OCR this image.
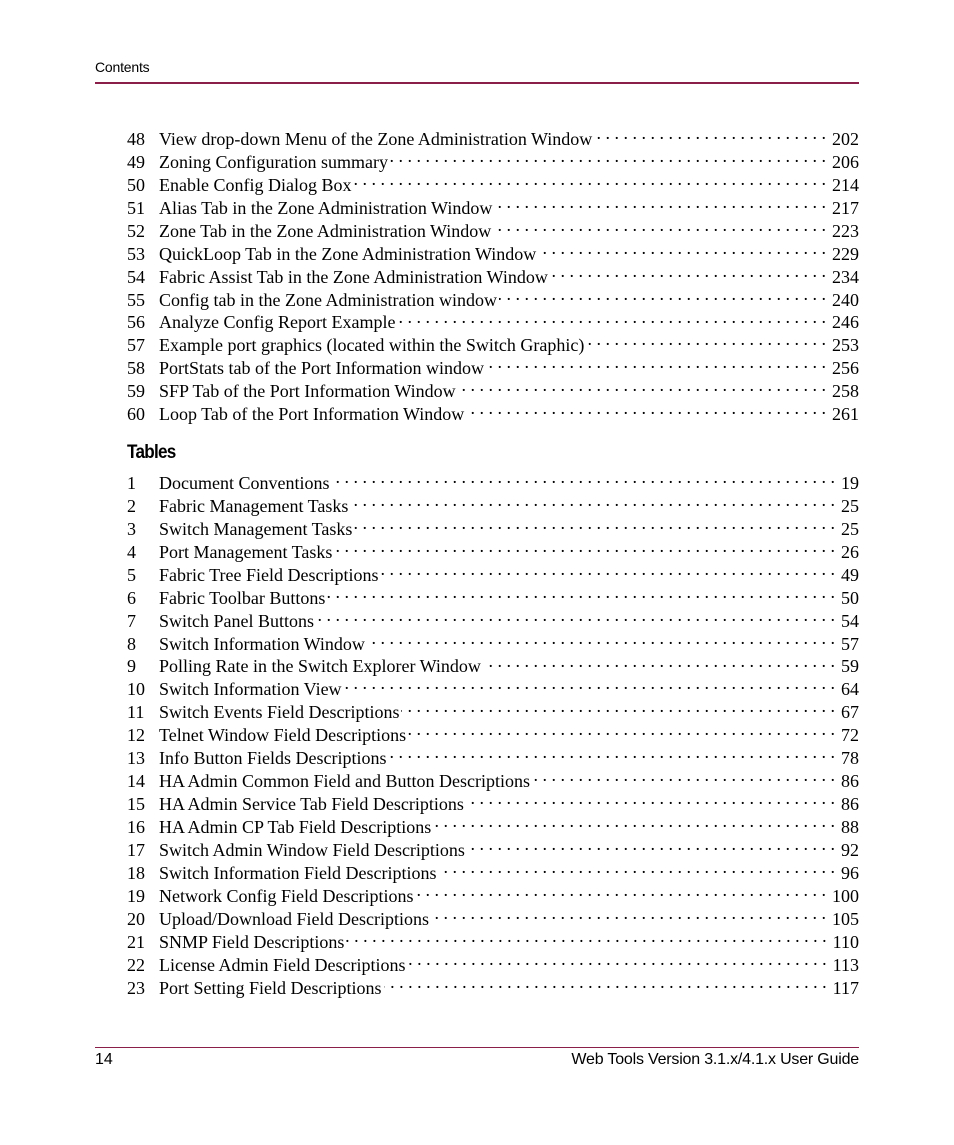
Contents
48 View drop-down Menu of the Zone Administration Window . . .	202
49 Zoning Configuration summary . . .	206
50 Enable Config Dialog Box . . .	214
51 Alias Tab in the Zone Administration Window . . .	217
52 Zone Tab in the Zone Administration Window . . .	223
53 QuickLoop Tab in the Zone Administration Window . . .	229
54 Fabric Assist Tab in the Zone Administration Window . . .	234
55 Config tab in the Zone Administration window . . .	240
56 Analyze Config Report Example . . .	246
57 Example port graphics (located within the Switch Graphic) . . .	253
58 PortStats tab of the Port Information window . . .	256
59 SFP Tab of the Port Information Window . . .	258
60 Loop Tab of the Port Information Window . . .	261
Tables
1	Document Conventions . . .	19
2	Fabric Management Tasks . . .	25
3	Switch Management Tasks . . .	25
4	Port Management Tasks . . .	26
5	Fabric Tree Field Descriptions . . .	49
6	Fabric Toolbar Buttons . . .	50
7	Switch Panel Buttons . . .	54
8	Switch Information Window . . .	57
9	Polling Rate in the Switch Explorer Window . . .	59
10 Switch Information View . . .	64
11 Switch Events Field Descriptions . . .	67
12 Telnet Window Field Descriptions . . .	72
13 Info Button Fields Descriptions . . .	78
14 HA Admin Common Field and Button Descriptions . . .	86
15 HA Admin Service Tab Field Descriptions . . .	86
16 HA Admin CP Tab Field Descriptions . . .	88
17 Switch Admin Window Field Descriptions . . .	92
18 Switch Information Field Descriptions . . .	96
19 Network Config Field Descriptions . . .	100
20 Upload/Download Field Descriptions . . .	105
21 SNMP Field Descriptions . . .	110
22 License Admin Field Descriptions . . .	113
23 Port Setting Field Descriptions . . .	117
14	Web Tools Version 3.1.x/4.1.x User Guide
